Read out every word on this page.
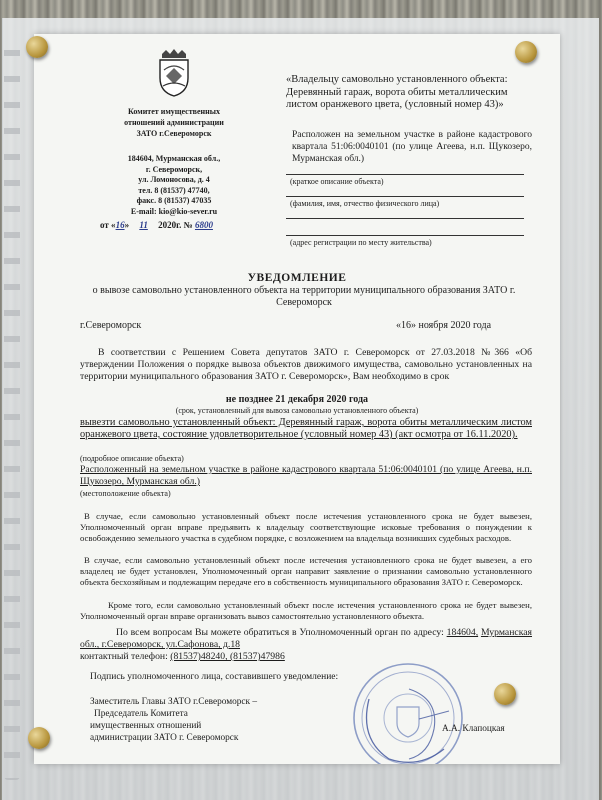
Комитет имущественных
отношений администрации
ЗАТО г.Североморск
184604, Мурманская обл.,
г. Североморск,
ул. Ломоносова, д. 4
тел. 8 (81537) 47740,
факс. 8 (81537) 47035
E-mail: kio@kio-sever.ru
от «16» 11 2020г. № 6800
«Владельцу самовольно установленного объекта: Деревянный гараж, ворота обиты металлическим листом оранжевого цвета, (условный номер 43)»
Расположен на земельном участке в районе кадастрового квартала 51:06:0040101 (по улице Агеева, н.п. Щукозеро, Мурманская обл.)
(краткое описание объекта)
(фамилия, имя, отчество физического лица)
(адрес регистрации по месту жительства)
УВЕДОМЛЕНИЕ
о вывозе самовольно установленного объекта на территории муниципального образования ЗАТО г. Североморск
г.Североморск	«16» ноября 2020 года
В соответствии с Решением Совета депутатов ЗАТО г. Североморск от 27.03.2018 №366 «Об утверждении Положения о порядке вывоза объектов движимого имущества, самовольно установленных на территории муниципального образования ЗАТО г. Североморск», Вам необходимо в срок
не позднее 21 декабря 2020 года
(срок, установленный для вывоза самовольно установленного объекта)
вывезти самовольно установленный объект: Деревянный гараж, ворота обиты металлическим листом оранжевого цвета, состояние удовлетворительное (условный номер 43) (акт осмотра от 16.11.2020).
(подробное описание объекта)
Расположенный на земельном участке в районе кадастрового квартала 51:06:0040101 (по улице Агеева, н.п. Щукозеро, Мурманская обл.)
(местоположение объекта)
В случае, если самовольно установленный объект после истечения установленного срока не будет вывезен, Уполномоченный орган вправе предъявить к владельцу соответствующие исковые требования о понуждении к освобождению земельного участка в судебном порядке, с возложением на владельца возникших судебных расходов.
В случае, если самовольно установленный объект после истечения установленного срока не будет вывезен, а его владелец не будет установлен, Уполномоченный орган направит заявление о признании самовольно установленного объекта бесхозяйным и подлежащим передаче его в собственность муниципального образования ЗАТО г. Североморск.
Кроме того, если самовольно установленный объект после истечения установленного срока не будет вывезен, Уполномоченный орган вправе организовать вывоз самостоятельно установленного объекта.
По всем вопросам Вы можете обратиться в Уполномоченный орган по адресу: 184604, Мурманская обл., г.Североморск, ул.Сафонова, д.18
контактный телефон: (81537)48240, (81537)47986
Подпись уполномоченного лица, составившего уведомление:
Заместитель Главы ЗАТО г.Североморск –
Председатель Комитета
имущественных отношений
администрации ЗАТО г. Североморск
А.А. Клапоцкая
